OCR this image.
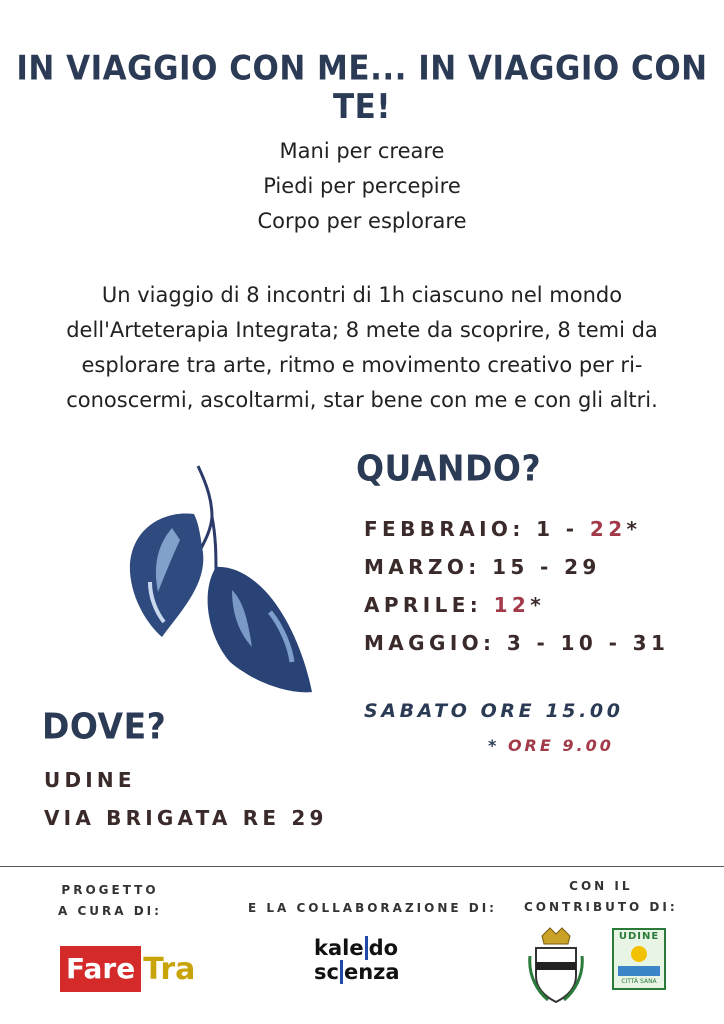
IN VIAGGIO CON ME... IN VIAGGIO CON TE!
Mani per creare
Piedi per percepire
Corpo per esplorare
Un viaggio di 8 incontri di 1h ciascuno nel mondo dell'Arteterapia Integrata; 8 mete da scoprire, 8 temi da esplorare tra arte, ritmo e movimento creativo per ri-conoscermi, ascoltarmi, star bene con me e con gli altri.
QUANDO?
FEBBRAIO: 1 - 22*
MARZO: 15 - 29
APRILE: 12*
MAGGIO: 3 - 10 - 31
SABATO ORE 15.00
* ORE 9.00
DOVE?
UDINE
VIA BRIGATA RE 29
PROGETTO
A CURA DI:	E LA COLLABORAZIONE DI:
CON IL
CONTRIBUTO DI:
Fare Tra
kale do
sc enza
UDINE
CITTÀ SANA
